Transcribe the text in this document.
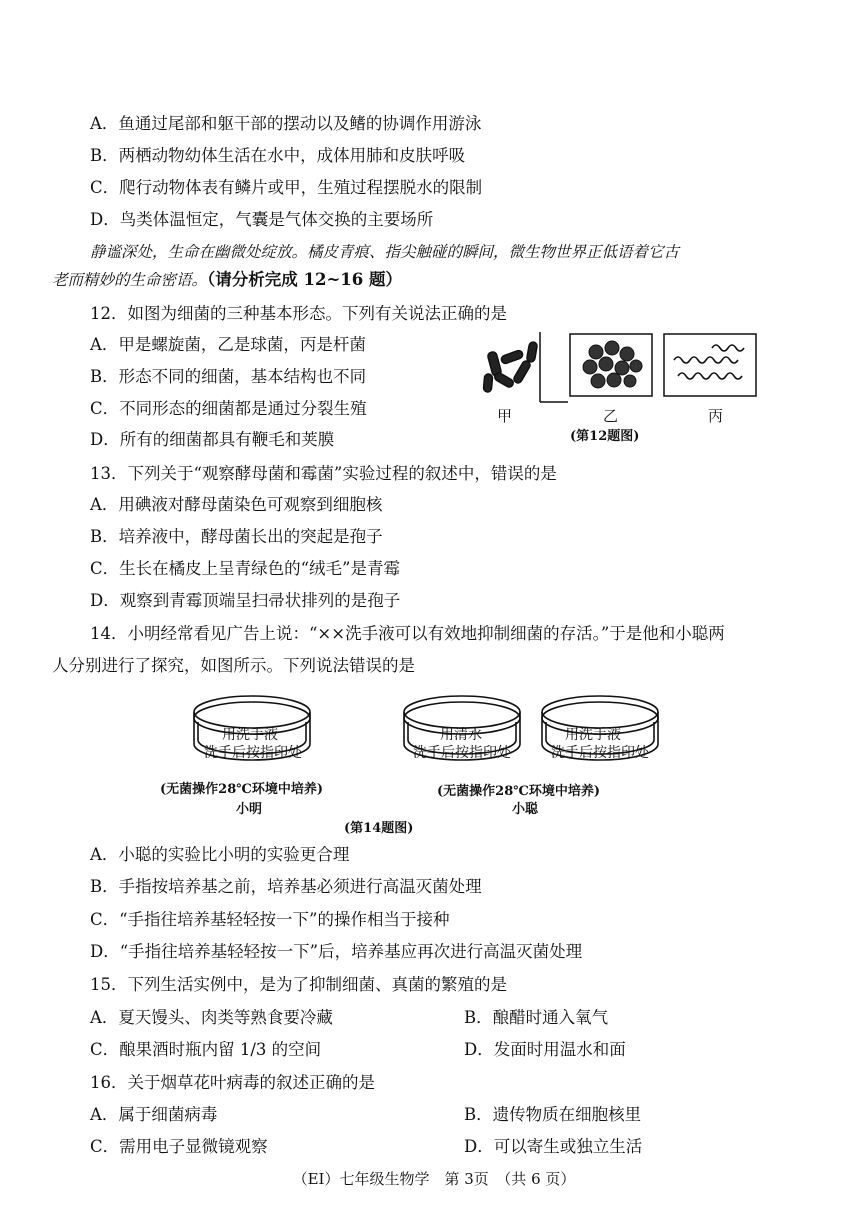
A．鱼通过尾部和躯干部的摆动以及鳍的协调作用游泳
B．两栖动物幼体生活在水中，成体用肺和皮肤呼吸
C．爬行动物体表有鳞片或甲，生殖过程摆脱水的限制
D．鸟类体温恒定，气囊是气体交换的主要场所
静谧深处，生命在幽微处绽放。橘皮青痕、指尖触碰的瞬间，微生物世界正低语着它古
老而精妙的生命密语。（请分析完成 12~16 题）
12．如图为细菌的三种基本形态。下列有关说法正确的是
A．甲是螺旋菌，乙是球菌，丙是杆菌
B．形态不同的细菌，基本结构也不同
C．不同形态的细菌都是通过分裂生殖
D．所有的细菌都具有鞭毛和荚膜
甲	乙	丙
(第12题图)
13．下列关于“观察酵母菌和霉菌”实验过程的叙述中，错误的是
A．用碘液对酵母菌染色可观察到细胞核
B．培养液中，酵母菌长出的突起是孢子
C．生长在橘皮上呈青绿色的“绒毛”是青霉
D．观察到青霉顶端呈扫帚状排列的是孢子
14．小明经常看见广告上说：“××洗手液可以有效地抑制细菌的存活。”于是他和小聪两
人分别进行了探究，如图所示。下列说法错误的是
用洗手液
洗手后按指印处
用清水
洗手后按指印处
用洗手液
洗手后按指印处
(无菌操作28℃环境中培养)
小明
(无菌操作28℃环境中培养)
小聪
(第14题图)
A．小聪的实验比小明的实验更合理
B．手指按培养基之前，培养基必须进行高温灭菌处理
C．“手指往培养基轻轻按一下”的操作相当于接种
D．“手指往培养基轻轻按一下”后，培养基应再次进行高温灭菌处理
15．下列生活实例中，是为了抑制细菌、真菌的繁殖的是
A．夏天馒头、肉类等熟食要冷藏	B．酿醋时通入氧气
C．酿果酒时瓶内留 1/3 的空间	D．发面时用温水和面
16．关于烟草花叶病毒的叙述正确的是
A．属于细菌病毒	B．遗传物质在细胞核里
C．需用电子显微镜观察	D．可以寄生或独立生活
（EI）七年级生物学　第 3页　（共 6 页）
